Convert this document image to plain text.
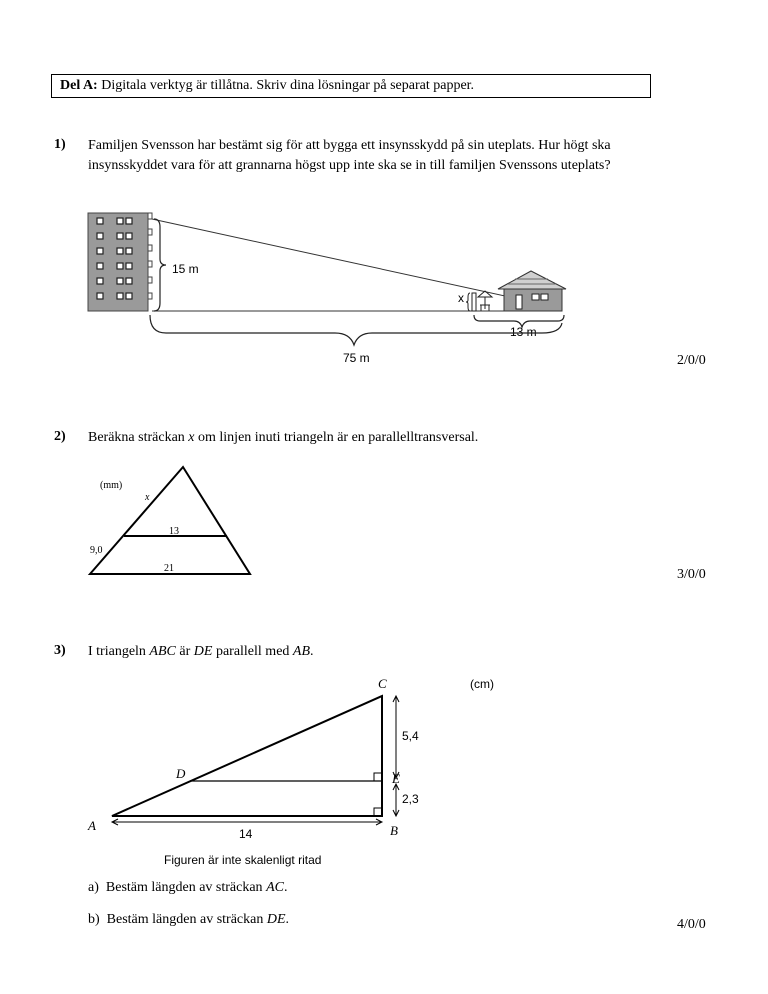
Del A: Digitala verktyg är tillåtna. Skriv dina lösningar på separat papper.
1) Familjen Svensson har bestämt sig för att bygga ett insynsskydd på sin uteplats. Hur högt ska insynsskyddet vara för att grannarna högst upp inte ska se in till familjen Svenssons uteplats?
15 m
x
13 m
75 m	2/0/0
2) Beräkna sträckan x om linjen inuti triangeln är en parallelltransversal.
(mm)
x
9,0
13
21	3/0/0
3) I triangeln ABC är DE parallell med AB.
A	B
C
D	E
5,4
2,3
14
(cm)
Figuren är inte skalenligt ritad
a) Bestäm längden av sträckan AC.
b) Bestäm längden av sträckan DE.	4/0/0
